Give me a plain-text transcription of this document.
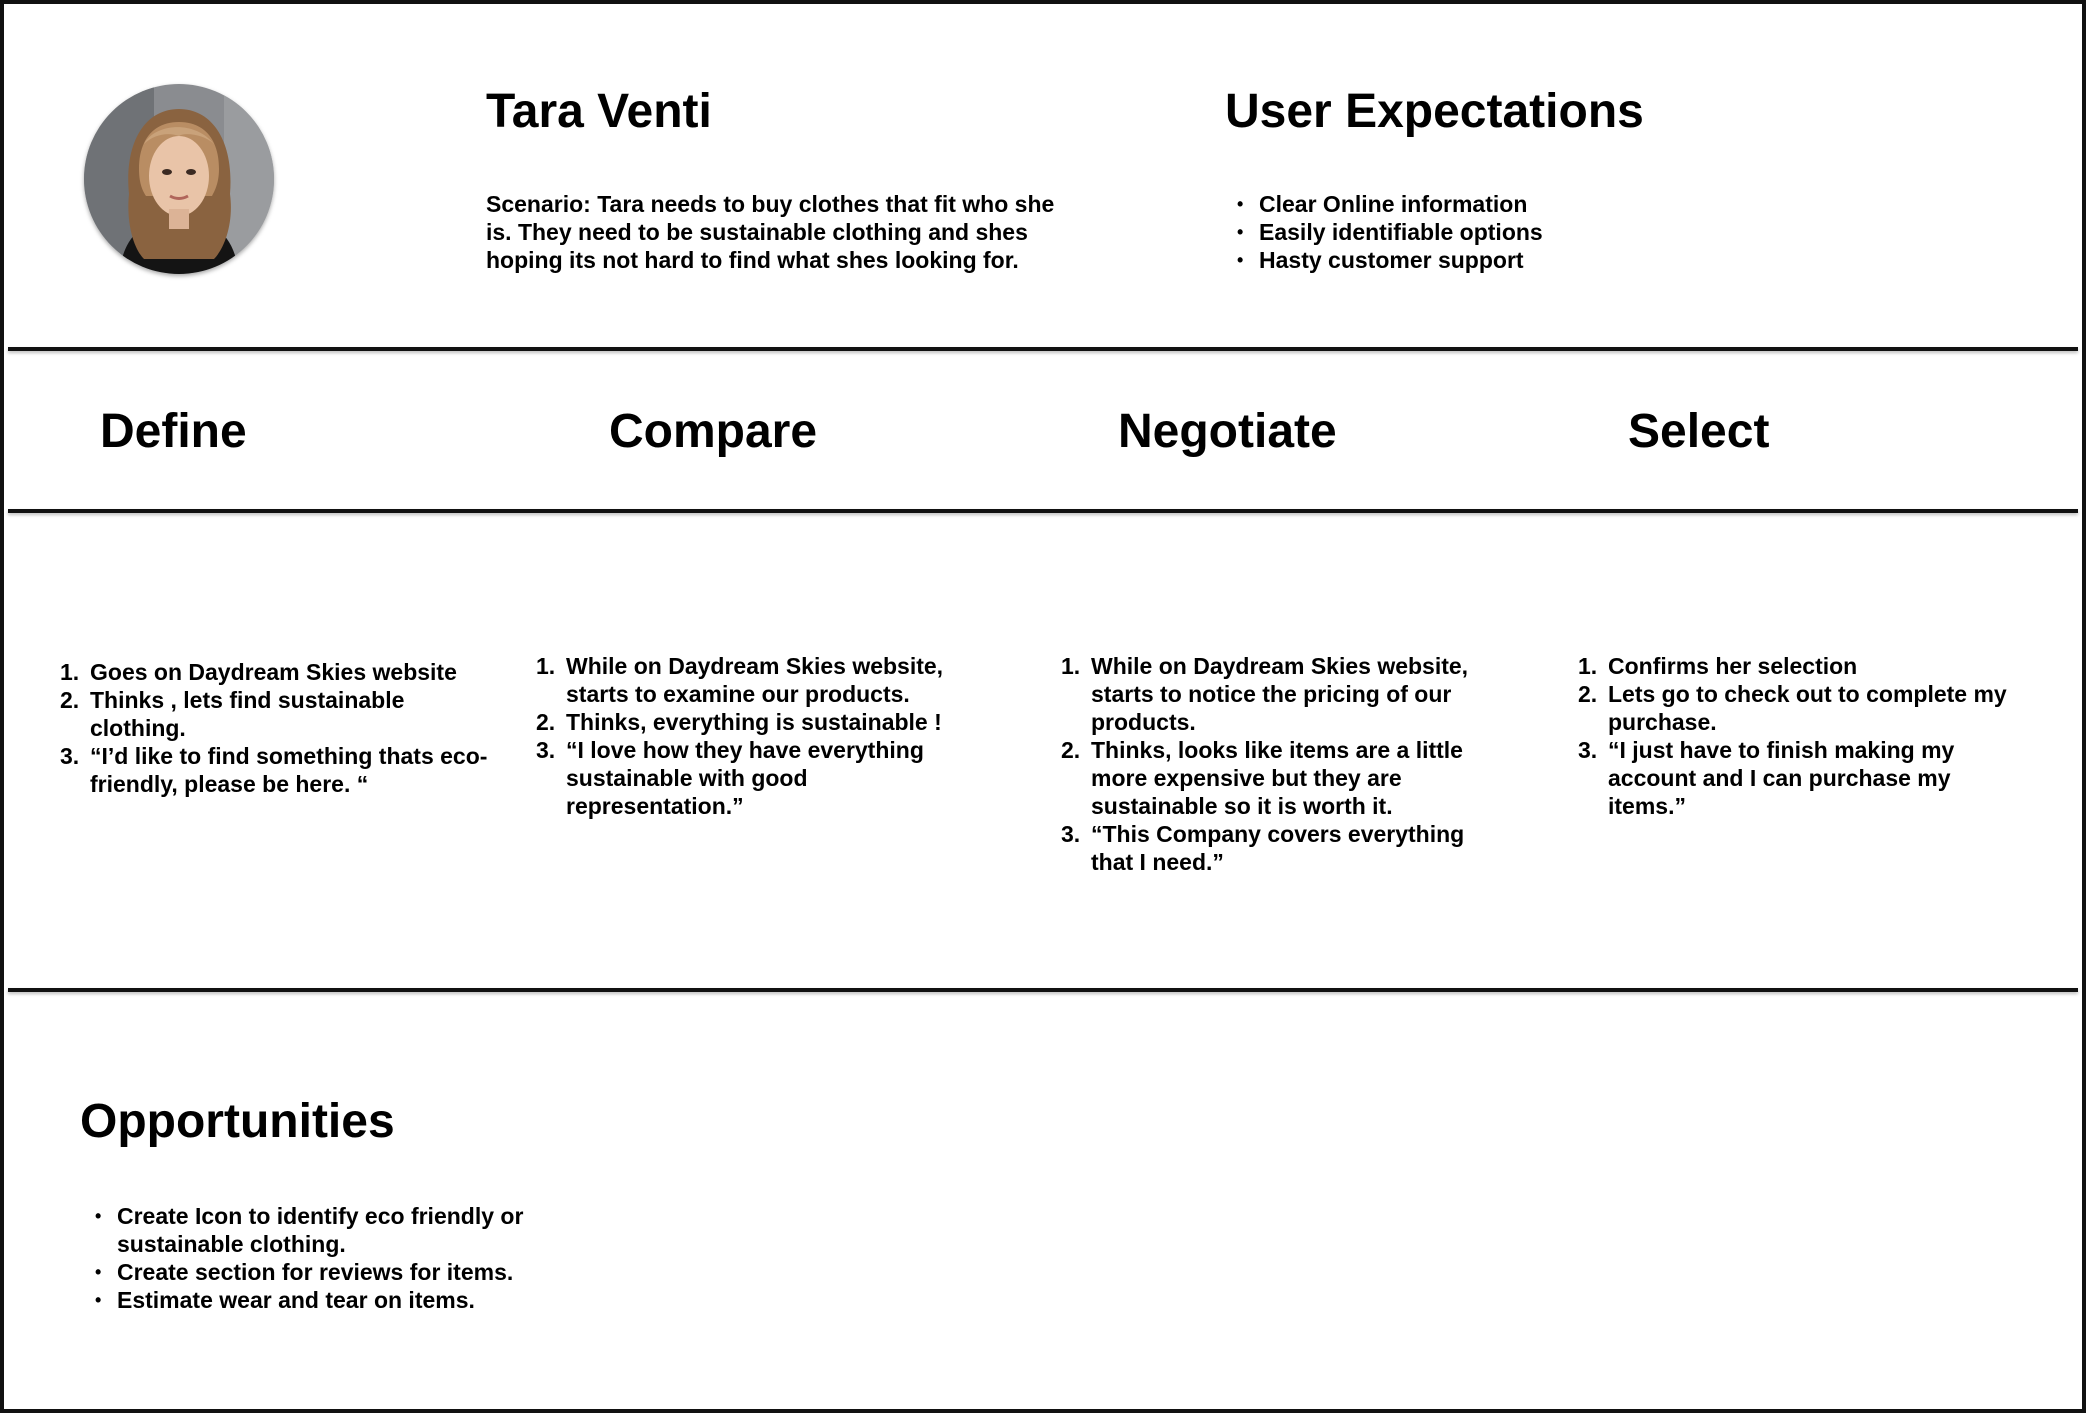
Tara Venti

Scenario: Tara needs to buy clothes that fit who she is. They need to be sustainable clothing and shes hoping its not hard to find what shes looking for.

User Expectations
• Clear Online information
• Easily identifiable options
• Hasty customer support
Define	Compare	Negotiate	Select
1. Goes on Daydream Skies website
2. Thinks , lets find sustainable clothing.
3. “I’d like to find something thats eco-friendly, please be here. “
1. While on Daydream Skies website, starts to examine our products.
2. Thinks, everything is sustainable !
3. “I love how they have everything sustainable with good representation.”
1. While on Daydream Skies website, starts to notice the pricing of our products.
2. Thinks, looks like items are a little more expensive but they are sustainable so it is worth it.
3. “This Company covers everything that I need.”
1. Confirms her selection
2. Lets go to check out to complete my purchase.
3. “I just have to finish making my account and I can purchase my items.”
Opportunities
• Create Icon to identify eco friendly or sustainable clothing.
• Create section for reviews for items.
• Estimate wear and tear on items.
